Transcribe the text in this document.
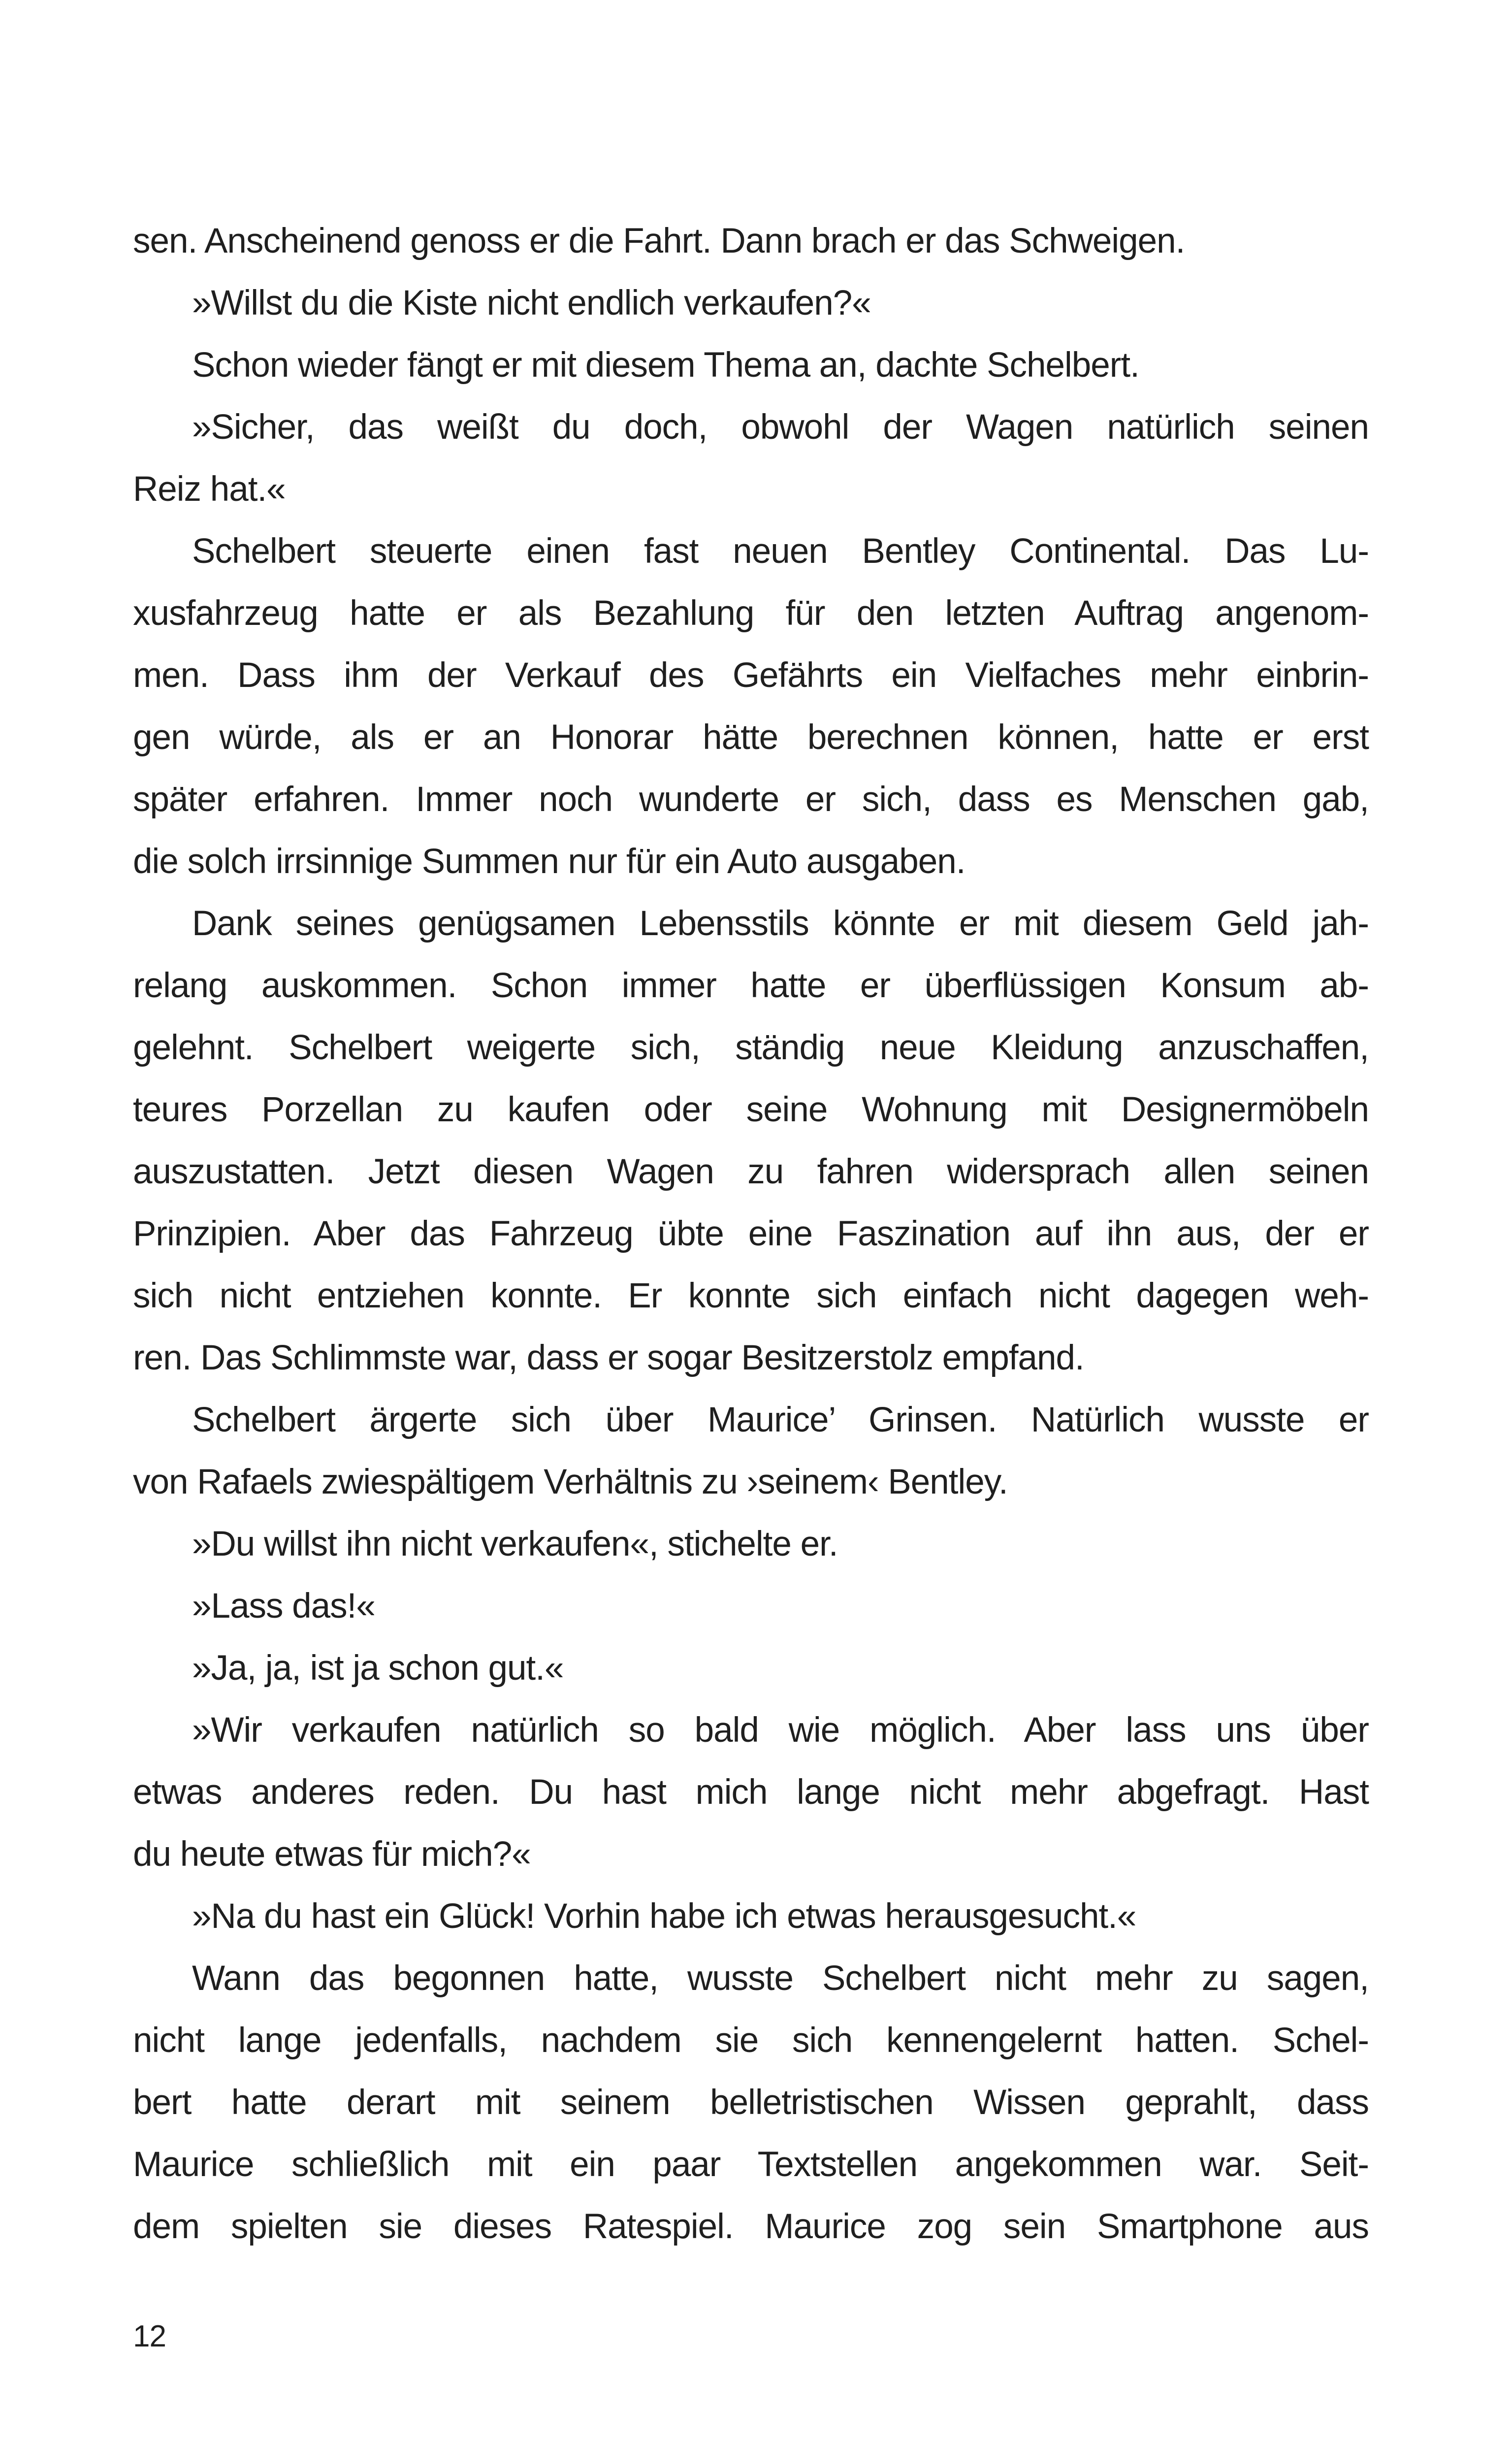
sen. Anscheinend genoss er die Fahrt. Dann brach er das Schweigen.
»Willst du die Kiste nicht endlich verkaufen?«
Schon wieder fängt er mit diesem Thema an, dachte Schelbert.
»Sicher, das weißt du doch, obwohl der Wagen natürlich seinen
Reiz hat.«
Schelbert steuerte einen fast neuen Bentley Continental. Das Lu-
xusfahrzeug hatte er als Bezahlung für den letzten Auftrag angenom-
men. Dass ihm der Verkauf des Gefährts ein Vielfaches mehr einbrin-
gen würde, als er an Honorar hätte berechnen können, hatte er erst
später erfahren. Immer noch wunderte er sich, dass es Menschen gab,
die solch irrsinnige Summen nur für ein Auto ausgaben.
Dank seines genügsamen Lebensstils könnte er mit diesem Geld jah-
relang auskommen. Schon immer hatte er überflüssigen Konsum ab-
gelehnt. Schelbert weigerte sich, ständig neue Kleidung anzuschaffen,
teures Porzellan zu kaufen oder seine Wohnung mit Designermöbeln
auszustatten. Jetzt diesen Wagen zu fahren widersprach allen seinen
Prinzipien. Aber das Fahrzeug übte eine Faszination auf ihn aus, der er
sich nicht entziehen konnte. Er konnte sich einfach nicht dagegen weh-
ren. Das Schlimmste war, dass er sogar Besitzerstolz empfand.
Schelbert ärgerte sich über Maurice’ Grinsen. Natürlich wusste er
von Rafaels zwiespältigem Verhältnis zu ›seinem‹ Bentley.
»Du willst ihn nicht verkaufen«, stichelte er.
»Lass das!«
»Ja, ja, ist ja schon gut.«
»Wir verkaufen natürlich so bald wie möglich. Aber lass uns über
etwas anderes reden. Du hast mich lange nicht mehr abgefragt. Hast
du heute etwas für mich?«
»Na du hast ein Glück! Vorhin habe ich etwas herausgesucht.«
Wann das begonnen hatte, wusste Schelbert nicht mehr zu sagen,
nicht lange jedenfalls, nachdem sie sich kennengelernt hatten. Schel-
bert hatte derart mit seinem belletristischen Wissen geprahlt, dass
Maurice schließlich mit ein paar Textstellen angekommen war. Seit-
dem spielten sie dieses Ratespiel. Maurice zog sein Smartphone aus
12
